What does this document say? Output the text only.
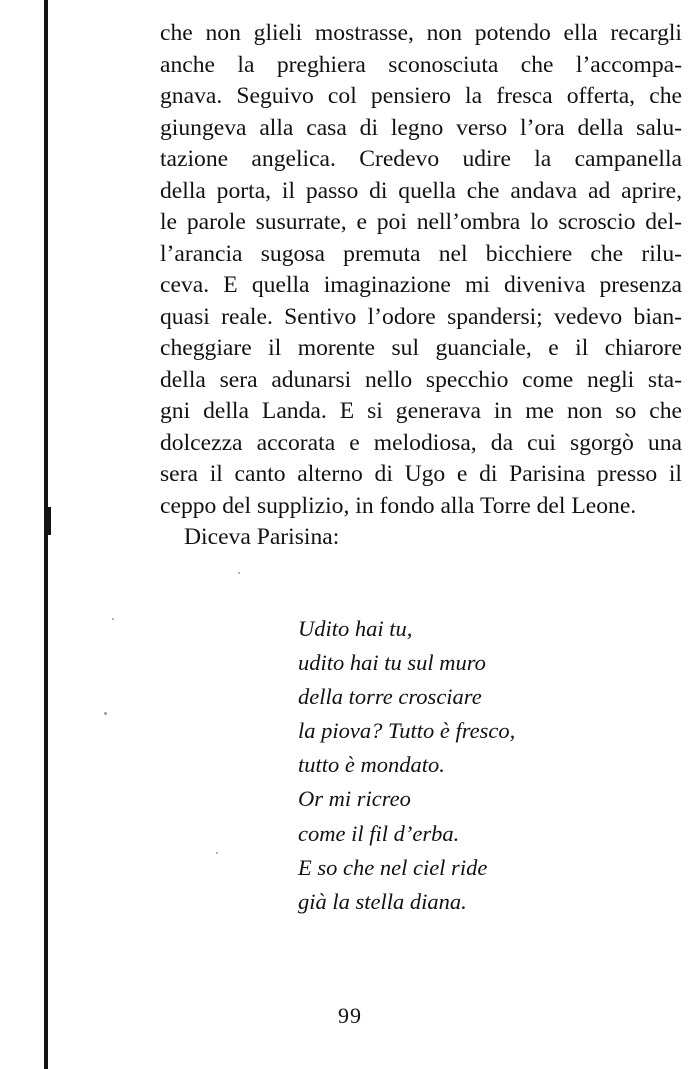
che non glieli mostrasse, non potendo ella recargli
anche la preghiera sconosciuta che l’accompa-
gnava. Seguivo col pensiero la fresca offerta, che
giungeva alla casa di legno verso l’ora della salu-
tazione angelica. Credevo udire la campanella
della porta, il passo di quella che andava ad aprire,
le parole susurrate, e poi nell’ombra lo scroscio del-
l’arancia sugosa premuta nel bicchiere che rilu-
ceva. E quella imaginazione mi diveniva presenza
quasi reale. Sentivo l’odore spandersi; vedevo bian-
cheggiare il morente sul guanciale, e il chiarore
della sera adunarsi nello specchio come negli sta-
gni della Landa. E si generava in me non so che
dolcezza accorata e melodiosa, da cui sgorgò una
sera il canto alterno di Ugo e di Parisina presso il
ceppo del supplizio, in fondo alla Torre del Leone.
Diceva Parisina:
Udito hai tu,
udito hai tu sul muro
della torre crosciare
la piova? Tutto è fresco,
tutto è mondato.
Or mi ricreo
come il fil d’erba.
E so che nel ciel ride
già la stella diana.
99
